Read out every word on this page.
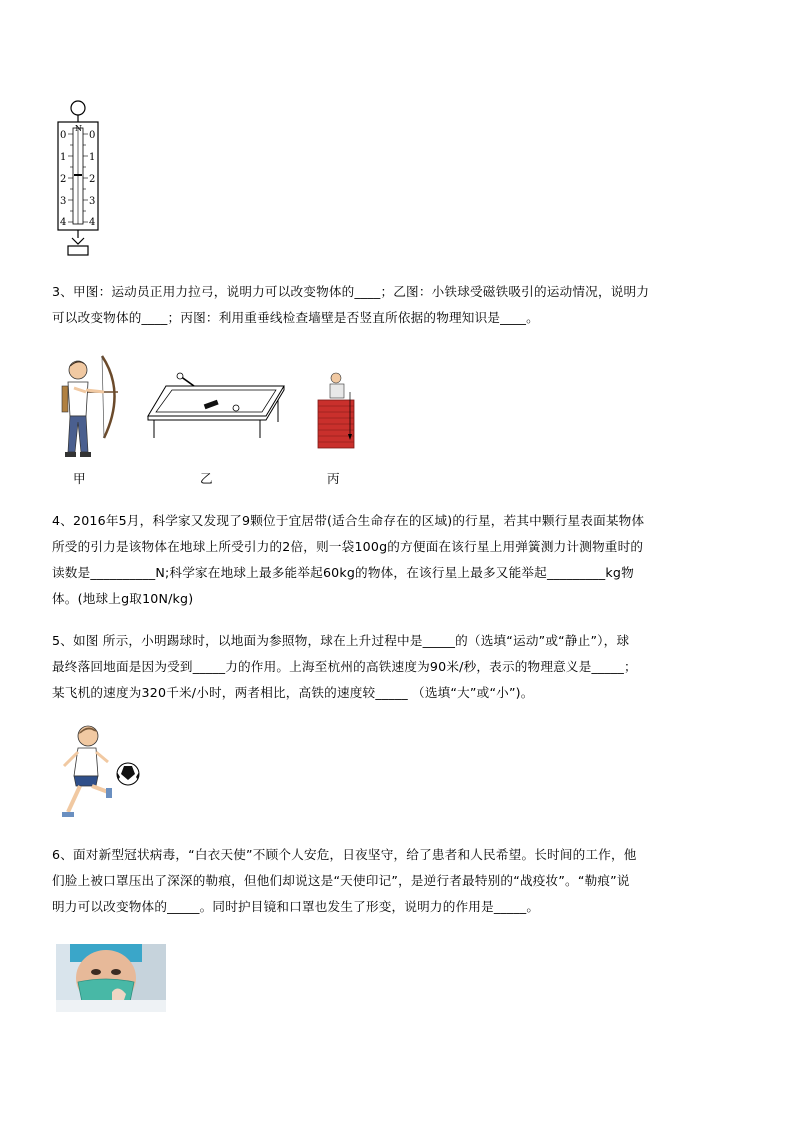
N
0
1
2
3
4
0
1
2
3
4
3、甲图：运动员正用力拉弓，说明力可以改变物体的____；乙图：小铁球受磁铁吸引的运动情况，说明力
可以改变物体的____；丙图：利用重垂线检查墙壁是否竖直所依据的物理知识是____。
甲	乙	丙
4、2016年5月，科学家又发现了9颗位于宜居带(适合生命存在的区域)的行星，若其中颗行星表面某物体
所受的引力是该物体在地球上所受引力的2倍，则一袋100g的方便面在该行星上用弹簧测力计测物重时的
读数是__________N;科学家在地球上最多能举起60kg的物体，在该行星上最多又能举起_________kg物
体。(地球上g取10N/kg)
5、如图 所示，小明踢球时，以地面为参照物，球在上升过程中是_____的（选填“运动”或“静止”），球
最终落回地面是因为受到_____力的作用。上海至杭州的高铁速度为90米/秒，表示的物理意义是_____；
某飞机的速度为320千米/小时，两者相比，高铁的速度较_____ （选填“大”或“小”)。
6、面对新型冠状病毒，“白衣天使”不顾个人安危，日夜坚守，给了患者和人民希望。长时间的工作，他
们脸上被口罩压出了深深的勒痕，但他们却说这是“天使印记”，是逆行者最特别的“战疫妆”。“勒痕”说
明力可以改变物体的_____。同时护目镜和口罩也发生了形变，说明力的作用是_____。
